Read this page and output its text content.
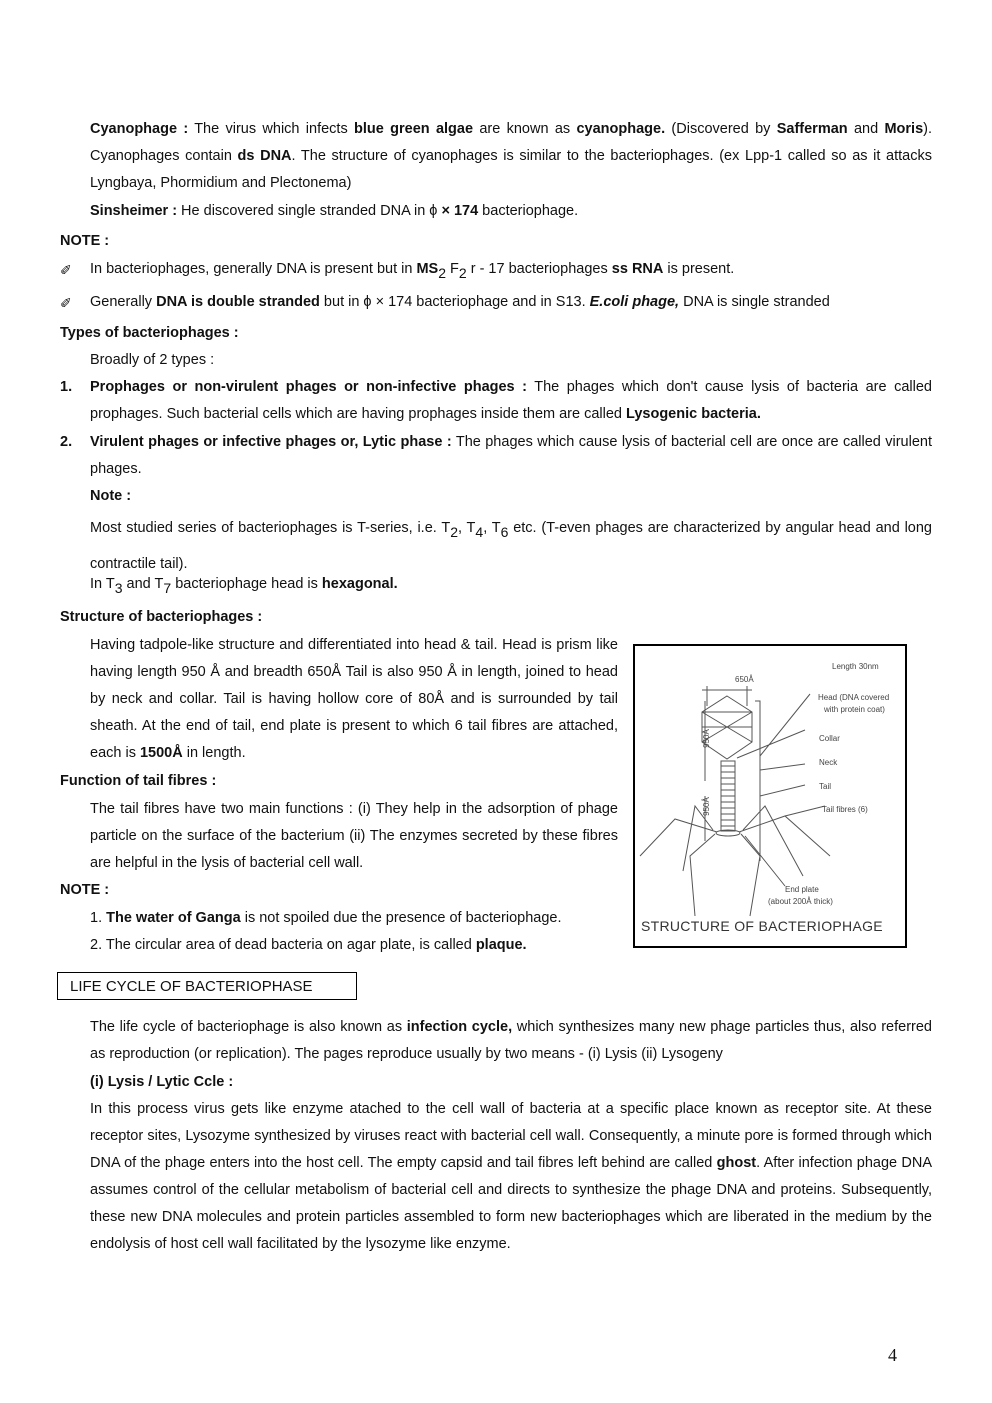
Cyanophage : The virus which infects blue green algae are known as cyanophage. (Discovered by Safferman and Moris). Cyanophages contain ds DNA. The structure of cyanophages is similar to the bacteriophages. (ex Lpp-1 called so as it attacks Lyngbaya, Phormidium and Plectonema)
Sinsheimer : He discovered single stranded DNA in ϕ × 174 bacteriophage.
NOTE :
✐ In bacteriophages, generally DNA is present but in MS2 F2 r - 17 bacteriophages ss RNA is present.
✐ Generally DNA is double stranded but in ϕ × 174 bacteriophage and in S13. E.coli phage, DNA is single stranded
Types of bacteriophages :
Broadly of 2 types :
1. Prophages or non-virulent phages or non-infective phages : The phages which don't cause lysis of bacteria are called prophages. Such bacterial cells which are having prophages inside them are called Lysogenic bacteria.
2. Virulent phages or infective phages or, Lytic phase : The phages which cause lysis of bacterial cell are once are called virulent phages.
Note :
Most studied series of bacteriophages is T-series, i.e. T2, T4, T6 etc. (T-even phages are characterized by angular head and long contractile tail).
In T3 and T7 bacteriophage head is hexagonal.
Structure of bacteriophages :
Having tadpole-like structure and differentiated into head & tail. Head is prism like having length 950 Å and breadth 650Å Tail is also 950 Å in length, joined to head by neck and collar. Tail is having hollow core of 80Å and is surrounded by tail sheath. At the end of tail, end plate is present to which 6 tail fibres are attached, each is 1500Å in length.
Function of tail fibres :
The tail fibres have two main functions : (i) They help in the adsorption of phage particle on the surface of the bacterium (ii) The enzymes secreted by these fibres are helpful in the lysis of bacterial cell wall.
NOTE :
1. The water of Ganga is not spoiled due the presence of bacteriophage.
2. The circular area of dead bacteria on agar plate, is called plaque.
Length 30nm
650Å
950Å
950Å
Head (DNA covered
with protein coat)
Collar
Neck
Tail
Tail fibres (6)
End plate
(about 200Å thick)
STRUCTURE OF BACTERIOPHAGE
LIFE CYCLE OF BACTERIOPHASE
The life cycle of bacteriophage is also known as infection cycle, which synthesizes many new phage particles thus, also referred as reproduction (or replication). The pages reproduce usually by two means - (i) Lysis (ii) Lysogeny
(i) Lysis / Lytic Ccle :
In this process virus gets like enzyme atached to the cell wall of bacteria at a specific place known as receptor site. At these receptor sites, Lysozyme synthesized by viruses react with bacterial cell wall. Consequently, a minute pore is formed through which DNA of the phage enters into the host cell. The empty capsid and tail fibres left behind are called ghost. After infection phage DNA assumes control of the cellular metabolism of bacterial cell and directs to synthesize the phage DNA and proteins. Subsequently, these new DNA molecules and protein particles assembled to form new bacteriophages which are liberated in the medium by the endolysis of host cell wall facilitated by the lysozyme like enzyme.
4
